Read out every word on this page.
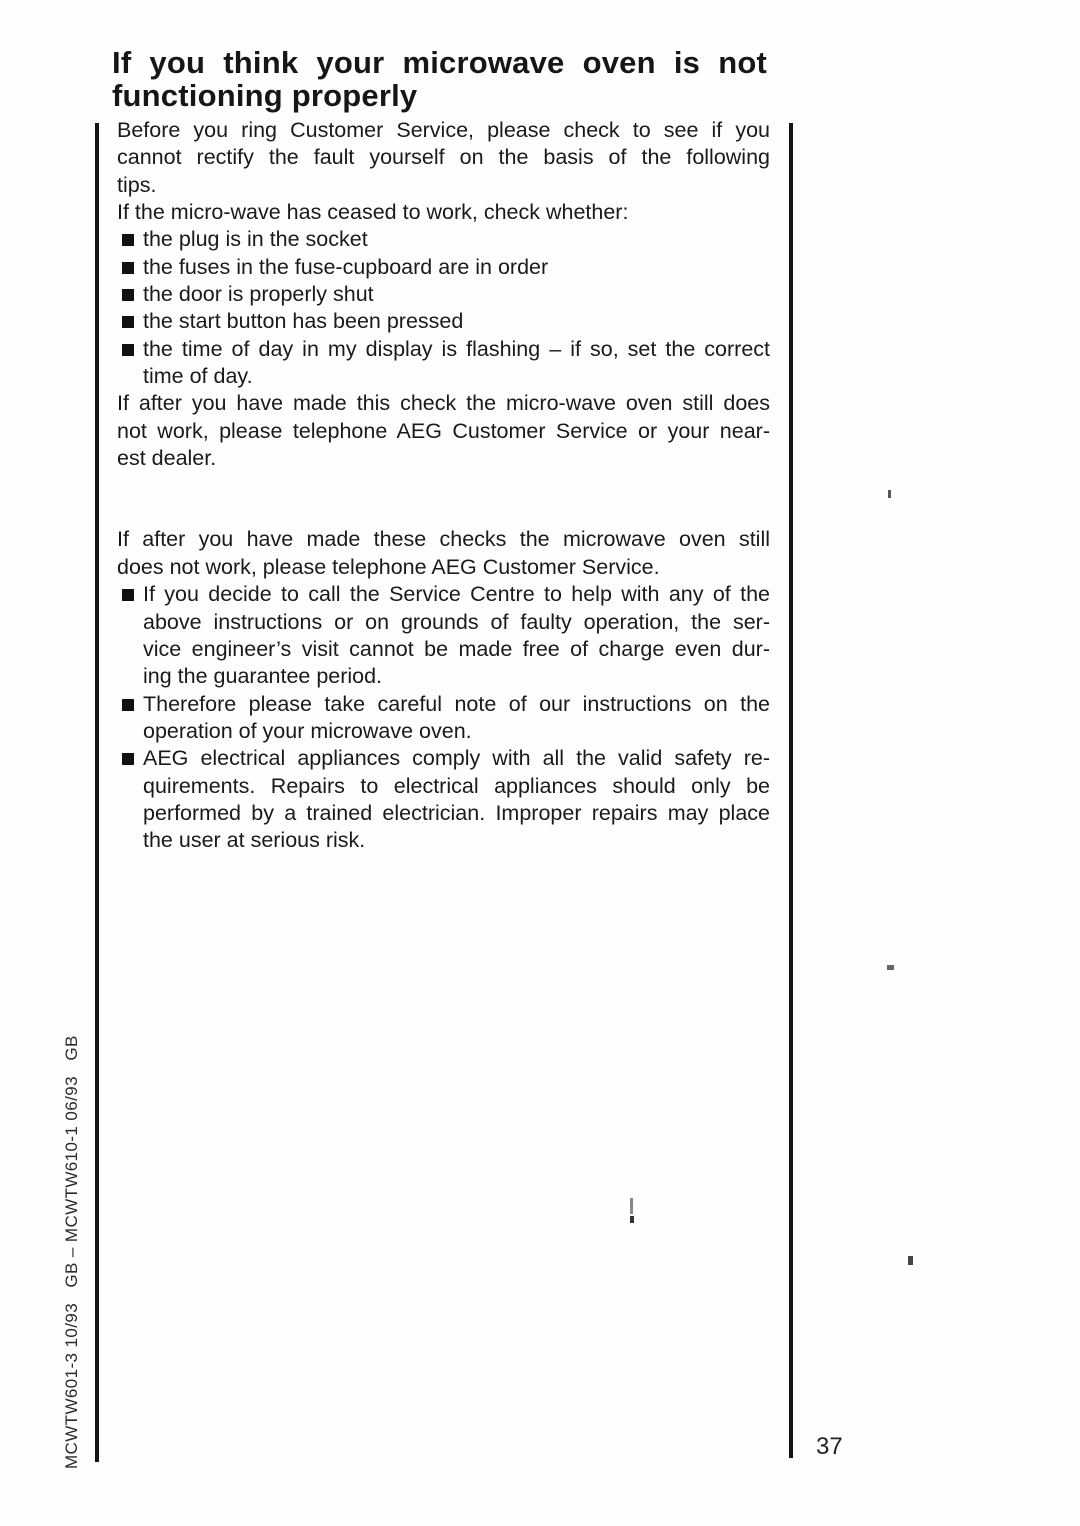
If you think your microwave oven is not
functioning properly
Before you ring Customer Service, please check to see if you
cannot rectify the fault yourself on the basis of the following
tips.
If the micro-wave has ceased to work, check whether:
the plug is in the socket
the fuses in the fuse-cupboard are in order
the door is properly shut
the start button has been pressed
the time of day in my display is flashing – if so, set the correct
time of day.
If after you have made this check the micro-wave oven still does
not work, please telephone AEG Customer Service or your near-
est dealer.
If after you have made these checks the microwave oven still
does not work, please telephone AEG Customer Service.
If you decide to call the Service Centre to help with any of the
above instructions or on grounds of faulty operation, the ser-
vice engineer’s visit cannot be made free of charge even dur-
ing the guarantee period.
Therefore please take careful note of our instructions on the
operation of your microwave oven.
AEG electrical appliances comply with all the valid safety re-
quirements. Repairs to electrical appliances should only be
performed by a trained electrician. Improper repairs may place
the user at serious risk.
MCWTW601-3 10/93   GB – MCWTW610-1 06/93   GB	37
